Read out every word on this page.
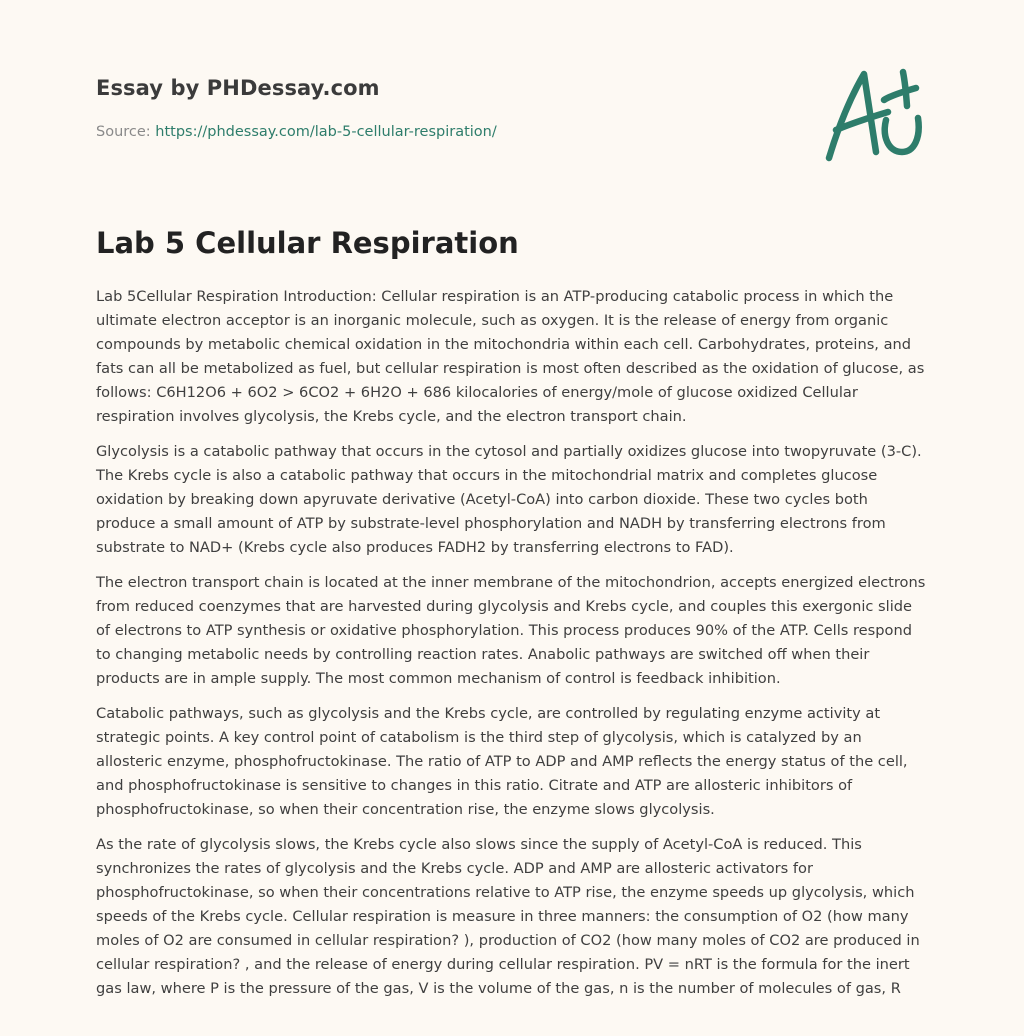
Essay by PHDessay.com
Source: https://phdessay.com/lab-5-cellular-respiration/
Lab 5 Cellular Respiration

Lab 5Cellular Respiration Introduction: Cellular respiration is an ATP-producing catabolic process in which the ultimate electron acceptor is an inorganic molecule, such as oxygen. It is the release of energy from organic compounds by metabolic chemical oxidation in the mitochondria within each cell. Carbohydrates, proteins, and fats can all be metabolized as fuel, but cellular respiration is most often described as the oxidation of glucose, as follows: C6H12O6 + 6O2 > 6CO2 + 6H2O + 686 kilocalories of energy/mole of glucose oxidized Cellular respiration involves glycolysis, the Krebs cycle, and the electron transport chain.

Glycolysis is a catabolic pathway that occurs in the cytosol and partially oxidizes glucose into twopyruvate (3-C). The Krebs cycle is also a catabolic pathway that occurs in the mitochondrial matrix and completes glucose oxidation by breaking down apyruvate derivative (Acetyl-CoA) into carbon dioxide. These two cycles both produce a small amount of ATP by substrate-level phosphorylation and NADH by transferring electrons from substrate to NAD+ (Krebs cycle also produces FADH2 by transferring electrons to FAD).

The electron transport chain is located at the inner membrane of the mitochondrion, accepts energized electrons from reduced coenzymes that are harvested during glycolysis and Krebs cycle, and couples this exergonic slide of electrons to ATP synthesis or oxidative phosphorylation. This process produces 90% of the ATP. Cells respond to changing metabolic needs by controlling reaction rates. Anabolic pathways are switched off when their products are in ample supply. The most common mechanism of control is feedback inhibition.

Catabolic pathways, such as glycolysis and the Krebs cycle, are controlled by regulating enzyme activity at strategic points. A key control point of catabolism is the third step of glycolysis, which is catalyzed by an allosteric enzyme, phosphofructokinase. The ratio of ATP to ADP and AMP reflects the energy status of the cell, and phosphofructokinase is sensitive to changes in this ratio. Citrate and ATP are allosteric inhibitors of phosphofructokinase, so when their concentration rise, the enzyme slows glycolysis.

As the rate of glycolysis slows, the Krebs cycle also slows since the supply of Acetyl-CoA is reduced. This synchronizes the rates of glycolysis and the Krebs cycle. ADP and AMP are allosteric activators for phosphofructokinase, so when their concentrations relative to ATP rise, the enzyme speeds up glycolysis, which speeds of the Krebs cycle. Cellular respiration is measure in three manners: the consumption of O2 (how many moles of O2 are consumed in cellular respiration? ), production of CO2 (how many moles of CO2 are produced in cellular respiration? , and the release of energy during cellular respiration. PV = nRT is the formula for the inert gas law, where P is the pressure of the gas, V is the volume of the gas, n is the number of molecules of gas, R
